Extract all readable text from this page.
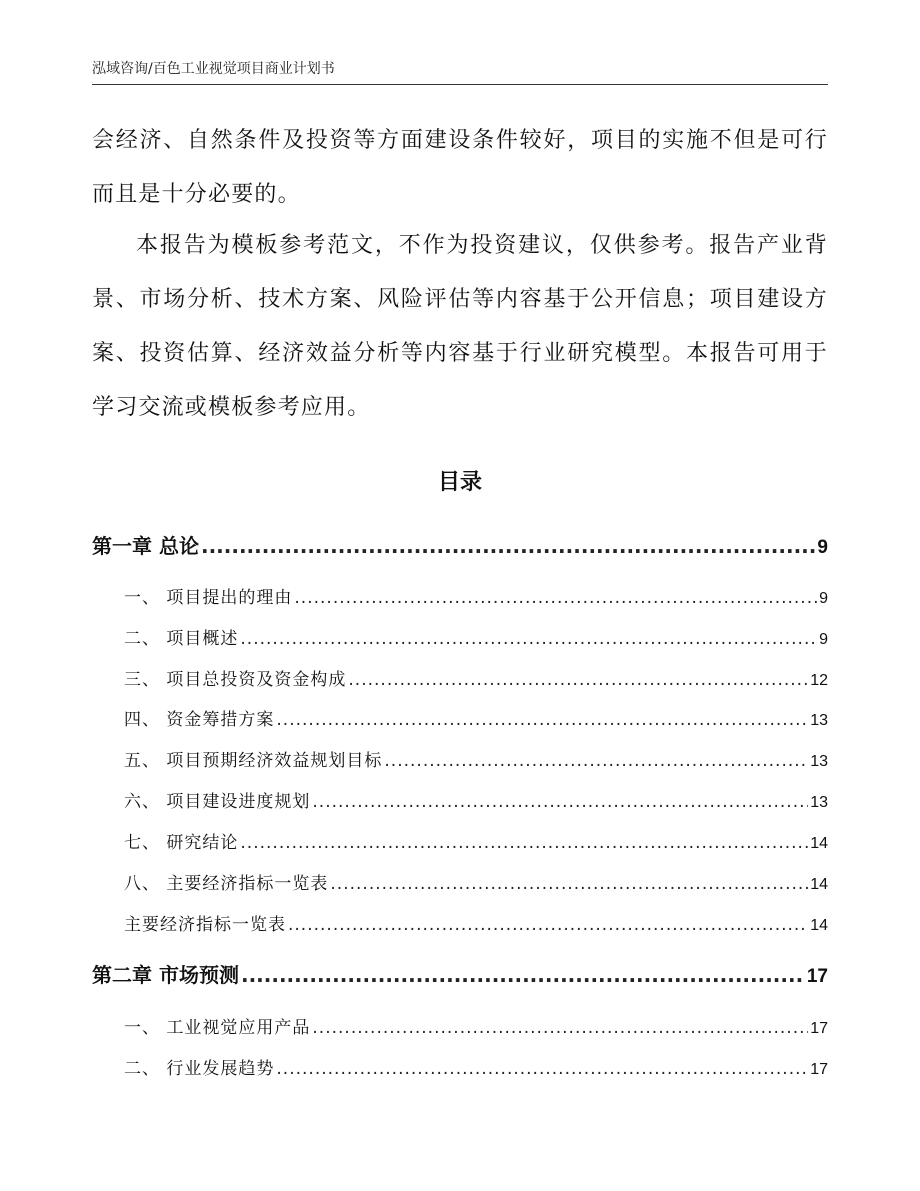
泓域咨询/百色工业视觉项目商业计划书
会经济、自然条件及投资等方面建设条件较好，项目的实施不但是可行而且是十分必要的。
本报告为模板参考范文，不作为投资建议，仅供参考。报告产业背景、市场分析、技术方案、风险评估等内容基于公开信息；项目建设方案、投资估算、经济效益分析等内容基于行业研究模型。本报告可用于学习交流或模板参考应用。
目录
第一章 总论 .....	9
一、 项目提出的理由 .....	9
二、 项目概述 .....	9
三、 项目总投资及资金构成 .....	12
四、 资金筹措方案 .....	13
五、 项目预期经济效益规划目标 .....	13
六、 项目建设进度规划 .....	13
七、 研究结论 .....	14
八、 主要经济指标一览表 .....	14
主要经济指标一览表 .....	14
第二章 市场预测 .....	17
一、 工业视觉应用产品 .....	17
二、 行业发展趋势 .....	17
